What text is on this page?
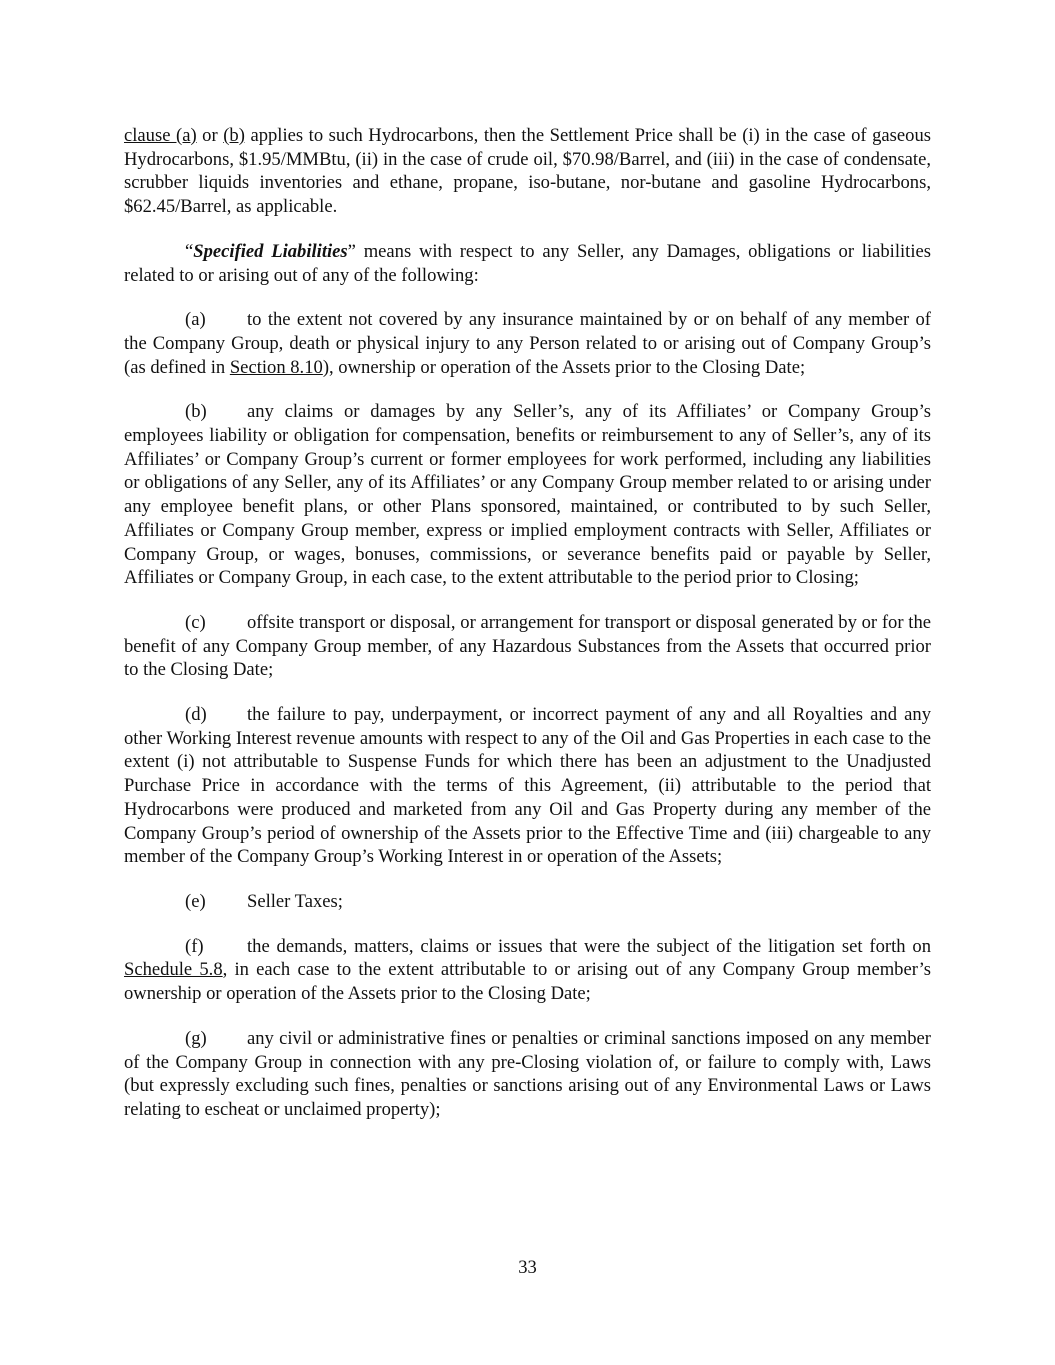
clause (a) or (b) applies to such Hydrocarbons, then the Settlement Price shall be (i) in the case of gaseous Hydrocarbons, $1.95/MMBtu, (ii) in the case of crude oil, $70.98/Barrel, and (iii) in the case of condensate, scrubber liquids inventories and ethane, propane, iso-butane, nor-butane and gasoline Hydrocarbons, $62.45/Barrel, as applicable.

“Specified Liabilities” means with respect to any Seller, any Damages, obligations or liabilities related to or arising out of any of the following:

(a) to the extent not covered by any insurance maintained by or on behalf of any member of the Company Group, death or physical injury to any Person related to or arising out of Company Group’s (as defined in Section 8.10), ownership or operation of the Assets prior to the Closing Date;

(b) any claims or damages by any Seller’s, any of its Affiliates’ or Company Group’s employees liability or obligation for compensation, benefits or reimbursement to any of Seller’s, any of its Affiliates’ or Company Group’s current or former employees for work performed, including any liabilities or obligations of any Seller, any of its Affiliates’ or any Company Group member related to or arising under any employee benefit plans, or other Plans sponsored, maintained, or contributed to by such Seller, Affiliates or Company Group member, express or implied employment contracts with Seller, Affiliates or Company Group, or wages, bonuses, commissions, or severance benefits paid or payable by Seller, Affiliates or Company Group, in each case, to the extent attributable to the period prior to Closing;

(c) offsite transport or disposal, or arrangement for transport or disposal generated by or for the benefit of any Company Group member, of any Hazardous Substances from the Assets that occurred prior to the Closing Date;

(d) the failure to pay, underpayment, or incorrect payment of any and all Royalties and any other Working Interest revenue amounts with respect to any of the Oil and Gas Properties in each case to the extent (i) not attributable to Suspense Funds for which there has been an adjustment to the Unadjusted Purchase Price in accordance with the terms of this Agreement, (ii) attributable to the period that Hydrocarbons were produced and marketed from any Oil and Gas Property during any member of the Company Group’s period of ownership of the Assets prior to the Effective Time and (iii) chargeable to any member of the Company Group’s Working Interest in or operation of the Assets;

(e) Seller Taxes;

(f) the demands, matters, claims or issues that were the subject of the litigation set forth on Schedule 5.8, in each case to the extent attributable to or arising out of any Company Group member’s ownership or operation of the Assets prior to the Closing Date;

(g) any civil or administrative fines or penalties or criminal sanctions imposed on any member of the Company Group in connection with any pre-Closing violation of, or failure to comply with, Laws (but expressly excluding such fines, penalties or sanctions arising out of any Environmental Laws or Laws relating to escheat or unclaimed property);

33
